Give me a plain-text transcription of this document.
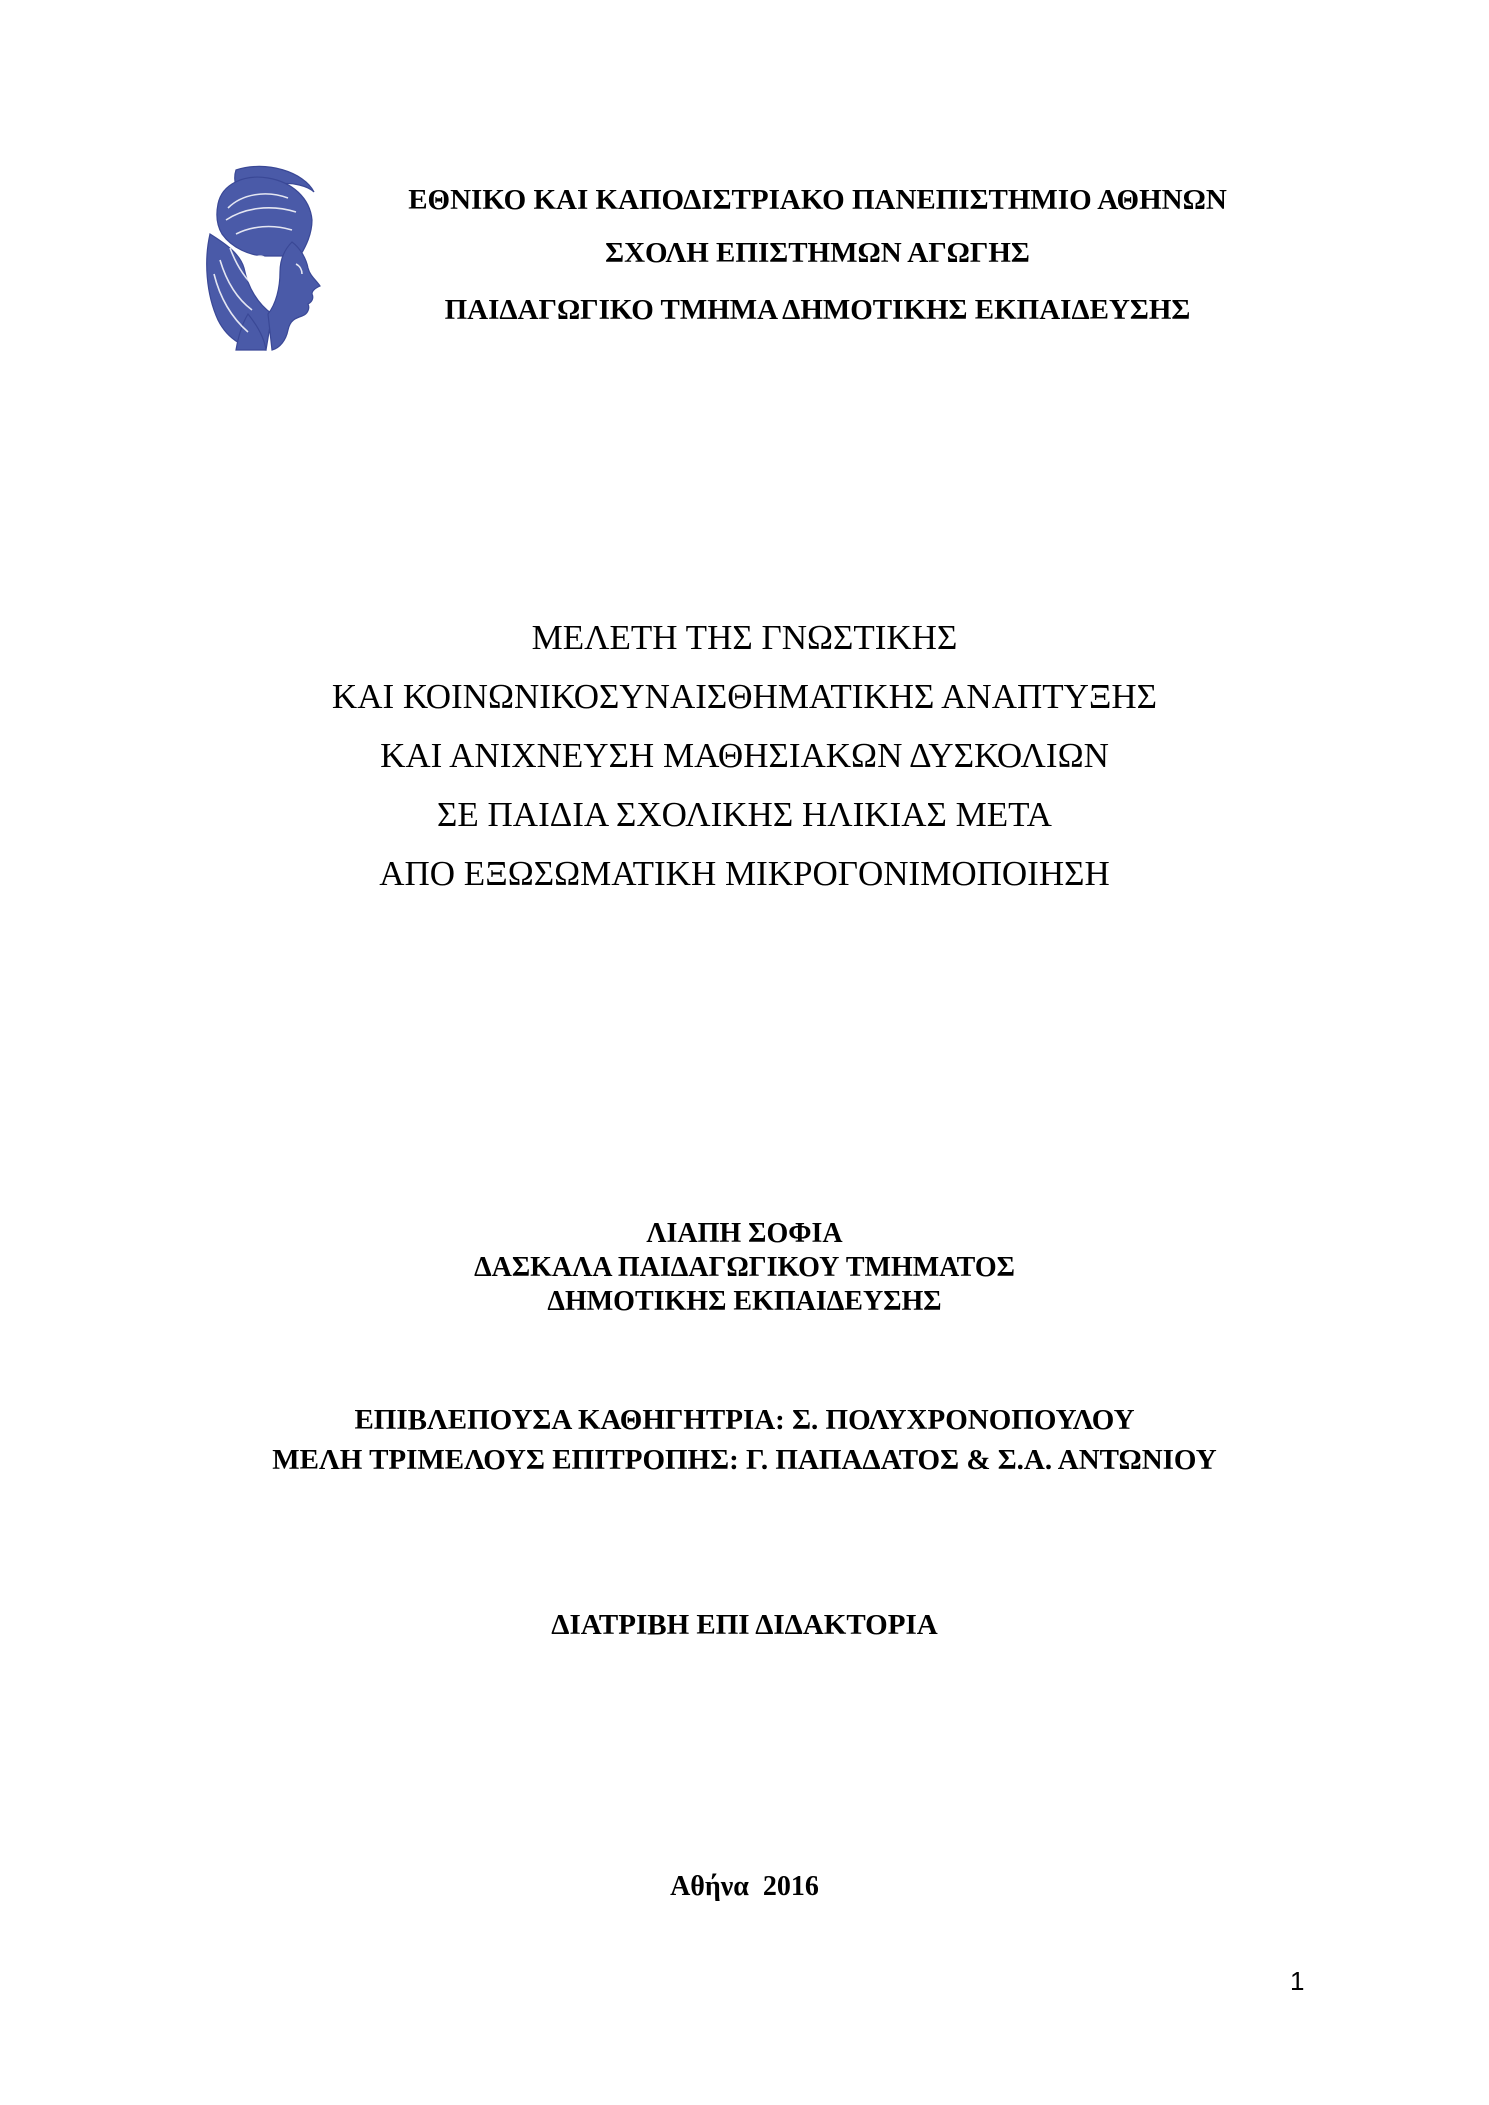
ΕΘΝΙΚΟ ΚΑΙ ΚΑΠΟΔΙΣΤΡΙΑΚΟ ΠΑΝΕΠΙΣΤΗΜΙΟ ΑΘΗΝΩΝ
ΣΧΟΛΗ ΕΠΙΣΤΗΜΩΝ ΑΓΩΓΗΣ
ΠΑΙΔΑΓΩΓΙΚΟ ΤΜΗΜΑ ΔΗΜΟΤΙΚΗΣ ΕΚΠΑΙΔΕΥΣΗΣ
ΜΕΛΕΤΗ ΤΗΣ ΓΝΩΣΤΙΚΗΣ
ΚΑΙ ΚΟΙΝΩΝΙΚΟΣΥΝΑΙΣΘΗΜΑΤΙΚΗΣ ΑΝΑΠΤΥΞΗΣ
ΚΑΙ ΑΝΙΧΝΕΥΣΗ ΜΑΘΗΣΙΑΚΩΝ ΔΥΣΚΟΛΙΩΝ
ΣΕ ΠΑΙΔΙΑ ΣΧΟΛΙΚΗΣ ΗΛΙΚΙΑΣ ΜΕΤΑ
ΑΠΟ ΕΞΩΣΩΜΑΤΙΚΗ ΜΙΚΡΟΓΟΝΙΜΟΠΟΙΗΣΗ
ΛΙΑΠΗ ΣΟΦΙΑ
ΔΑΣΚΑΛΑ ΠΑΙΔΑΓΩΓΙΚΟΥ ΤΜΗΜΑΤΟΣ
ΔΗΜΟΤΙΚΗΣ ΕΚΠΑΙΔΕΥΣΗΣ
ΕΠΙΒΛΕΠΟΥΣΑ ΚΑΘΗΓΗΤΡΙΑ: Σ. ΠΟΛΥΧΡΟΝΟΠΟΥΛΟΥ
ΜΕΛΗ ΤΡΙΜΕΛΟΥΣ ΕΠΙΤΡΟΠΗΣ: Γ. ΠΑΠΑΔΑΤΟΣ & Σ.Α. ΑΝΤΩΝΙΟΥ
ΔΙΑΤΡΙΒΗ ΕΠΙ ΔΙΔΑΚΤΟΡΙΑ
Αθήνα  2016
1
